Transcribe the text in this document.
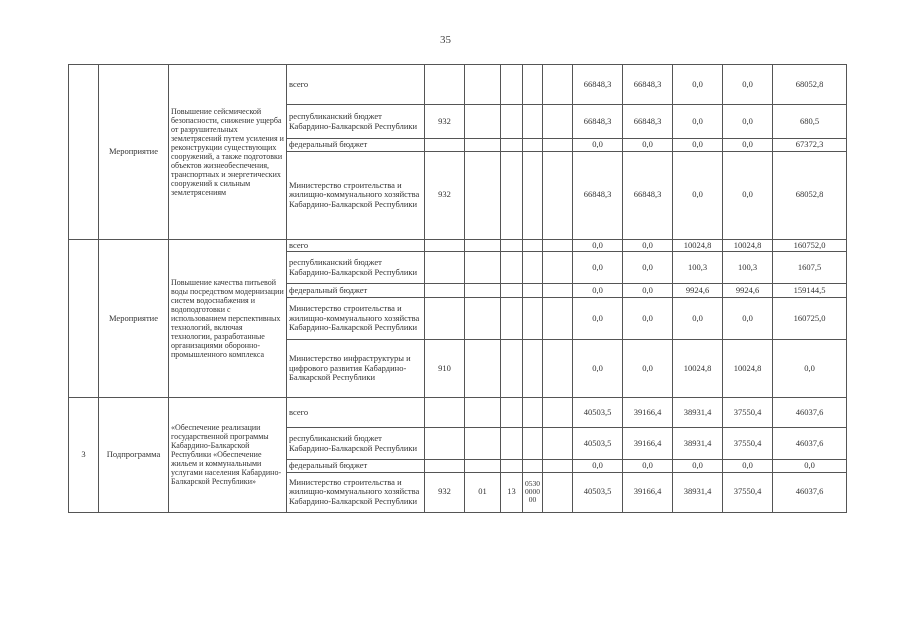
35
	Мероприятие	Повышение сейсмической безопасности, снижение ущерба от разрушительных землетрясений путем усиления и реконструкции существующих сооружений, а также подготовки объектов жизнеобеспечения, транспортных и энергетических сооружений к сильным землетрясениям	всего						66848,3	66848,3	0,0	0,0	68052,8
			республиканский бюджет Кабардино-Балкарской Республики	932					66848,3	66848,3	0,0	0,0	680,5
			федеральный бюджет						0,0	0,0	0,0	0,0	67372,3
			Министерство строительства и жилищно-коммунального хозяйства Кабардино-Балкарской Республики	932					66848,3	66848,3	0,0	0,0	68052,8
	Мероприятие	Повышение качества питьевой воды посредством модернизации систем водоснабжения и водоподготовки с использованием перспективных технологий, включая технологии, разработанные организациями оборонно-промышленного комплекса	всего						0,0	0,0	10024,8	10024,8	160752,0
			республиканский бюджет Кабардино-Балкарской Республики						0,0	0,0	100,3	100,3	1607,5
			федеральный бюджет						0,0	0,0	9924,6	9924,6	159144,5
			Министерство строительства и жилищно-коммунального хозяйства Кабардино-Балкарской Республики						0,0	0,0	0,0	0,0	160725,0
			Министерство инфраструктуры и цифрового развития Кабардино-Балкарской Республики	910					0,0	0,0	10024,8	10024,8	0,0
3	Подпрограмма	«Обеспечение реализации государственной программы Кабардино-Балкарской Республики «Обеспечение жильем и коммунальными услугами населения Кабардино-Балкарской Республики»	всего						40503,5	39166,4	38931,4	37550,4	46037,6
			республиканский бюджет Кабардино-Балкарской Республики						40503,5	39166,4	38931,4	37550,4	46037,6
			федеральный бюджет						0,0	0,0	0,0	0,0	0,0
			Министерство строительства и жилищно-коммунального хозяйства Кабардино-Балкарской Республики	932	01	13	0530000000		40503,5	39166,4	38931,4	37550,4	46037,6
